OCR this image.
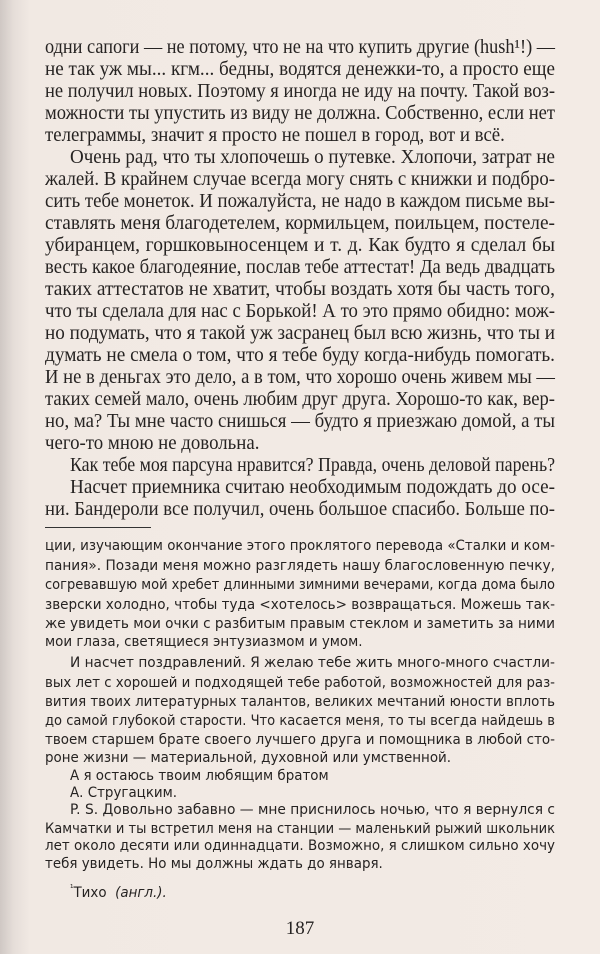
одни сапоги — не потому, что не на что купить другие (hush¹!) —
не так уж мы... кгм... бедны, водятся денежки-то, а просто еще
не получил новых. Поэтому я иногда не иду на почту. Такой воз-
можности ты упустить из виду не должна. Собственно, если нет
телеграммы, значит я просто не пошел в город, вот и всё.
Очень рад, что ты хлопочешь о путевке. Хлопочи, затрат не
жалей. В крайнем случае всегда могу снять с книжки и подбро-
сить тебе монеток. И пожалуйста, не надо в каждом письме вы-
ставлять меня благодетелем, кормильцем, поильцем, постеле-
убиранцем, горшковыносенцем и т. д. Как будто я сделал бы
весть какое благодеяние, послав тебе аттестат! Да ведь двадцать
таких аттестатов не хватит, чтобы воздать хотя бы часть того,
что ты сделала для нас с Борькой! А то это прямо обидно: мож-
но подумать, что я такой уж засранец был всю жизнь, что ты и
думать не смела о том, что я тебе буду когда-нибудь помогать.
И не в деньгах это дело, а в том, что хорошо очень живем мы —
таких семей мало, очень любим друг друга. Хорошо-то как, вер-
но, ма? Ты мне часто снишься — будто я приезжаю домой, а ты
чего-то мною не довольна.
Как тебе моя парсуна нравится? Правда, очень деловой парень?
Насчет приемника считаю необходимым подождать до осе-
ни. Бандероли все получил, очень большое спасибо. Больше по-
ции, изучающим окончание этого проклятого перевода «Сталки и ком-
пания». Позади меня можно разглядеть нашу благословенную печку,
согревавшую мой хребет длинными зимними вечерами, когда дома было
зверски холодно, чтобы туда <хотелось> возвращаться. Можешь так-
же увидеть мои очки с разбитым правым стеклом и заметить за ними
мои глаза, светящиеся энтузиазмом и умом.
И насчет поздравлений. Я желаю тебе жить много-много счастли-
вых лет с хорошей и подходящей тебе работой, возможностей для раз-
вития твоих литературных талантов, великих мечтаний юности вплоть
до самой глубокой старости. Что касается меня, то ты всегда найдешь в
твоем старшем брате своего лучшего друга и помощника в любой сто-
роне жизни — материальной, духовной или умственной.
А я остаюсь твоим любящим братом
А. Стругацким.
P. S. Довольно забавно — мне приснилось ночью, что я вернулся с
Камчатки и ты встретил меня на станции — маленький рыжий школьник
лет около десяти или одиннадцати. Возможно, я слишком сильно хочу
тебя увидеть. Но мы должны ждать до января.
$^{^1}$Тихо (англ.).
187
